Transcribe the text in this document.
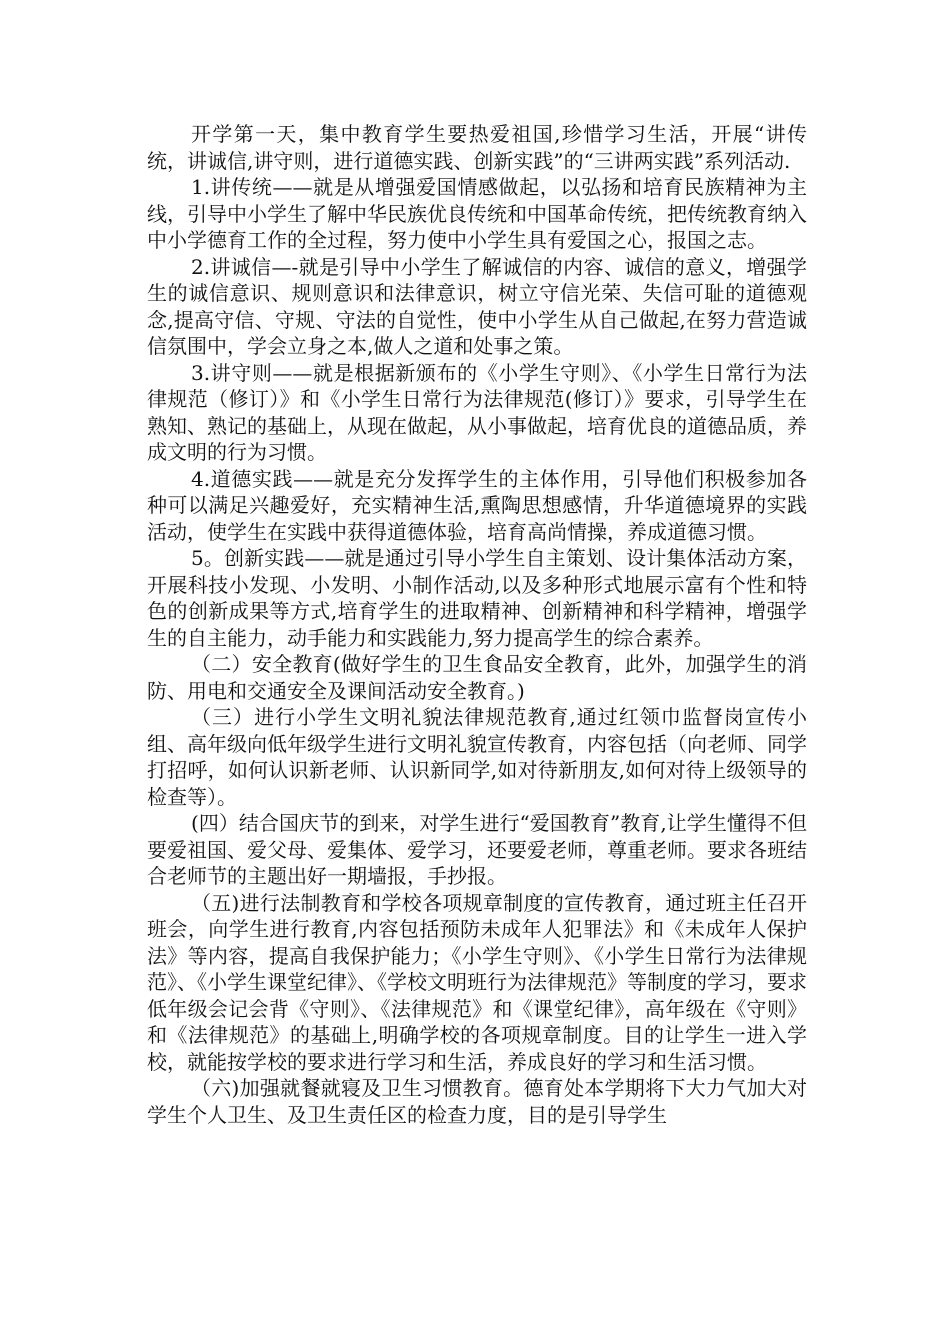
开学第一天，集中教育学生要热爱祖国,珍惜学习生活，开展“讲传统，讲诚信,讲守则，进行道德实践、创新实践”的“三讲两实践”系列活动.

1.讲传统——就是从增强爱国情感做起，以弘扬和培育民族精神为主线，引导中小学生了解中华民族优良传统和中国革命传统，把传统教育纳入中小学德育工作的全过程，努力使中小学生具有爱国之心，报国之志。

2.讲诚信—-就是引导中小学生了解诚信的内容、诚信的意义，增强学生的诚信意识、规则意识和法律意识，树立守信光荣、失信可耻的道德观念,提高守信、守规、守法的自觉性，使中小学生从自己做起,在努力营造诚信氛围中，学会立身之本,做人之道和处事之策。

3.讲守则——就是根据新颁布的《小学生守则》、《小学生日常行为法律规范（修订）》和《小学生日常行为法律规范(修订）》要求，引导学生在熟知、熟记的基础上，从现在做起，从小事做起，培育优良的道德品质，养成文明的行为习惯。

4.道德实践——就是充分发挥学生的主体作用，引导他们积极参加各种可以满足兴趣爱好，充实精神生活,熏陶思想感情，升华道德境界的实践活动，使学生在实践中获得道德体验，培育高尚情操，养成道德习惯。

5。创新实践——就是通过引导小学生自主策划、设计集体活动方案，开展科技小发现、小发明、小制作活动,以及多种形式地展示富有个性和特色的创新成果等方式,培育学生的进取精神、创新精神和科学精神，增强学生的自主能力，动手能力和实践能力,努力提高学生的综合素养。

（二）安全教育(做好学生的卫生食品安全教育，此外，加强学生的消防、用电和交通安全及课间活动安全教育。)

（三）进行小学生文明礼貌法律规范教育,通过红领巾监督岗宣传小组、高年级向低年级学生进行文明礼貌宣传教育，内容包括（向老师、同学打招呼，如何认识新老师、认识新同学,如对待新朋友,如何对待上级领导的检查等）。

(四）结合国庆节的到来，对学生进行“爱国教育”教育,让学生懂得不但要爱祖国、爱父母、爱集体、爱学习，还要爱老师，尊重老师。要求各班结合老师节的主题出好一期墙报，手抄报。

（五)进行法制教育和学校各项规章制度的宣传教育，通过班主任召开班会，向学生进行教育,内容包括预防未成年人犯罪法》和《未成年人保护法》等内容，提高自我保护能力；《小学生守则》、《小学生日常行为法律规范》、《小学生课堂纪律》、《学校文明班行为法律规范》等制度的学习，要求低年级会记会背《守则》、《法律规范》和《课堂纪律》，高年级在《守则》和《法律规范》的基础上,明确学校的各项规章制度。目的让学生一进入学校，就能按学校的要求进行学习和生活，养成良好的学习和生活习惯。

（六)加强就餐就寝及卫生习惯教育。德育处本学期将下大力气加大对学生个人卫生、及卫生责任区的检查力度，目的是引导学生
